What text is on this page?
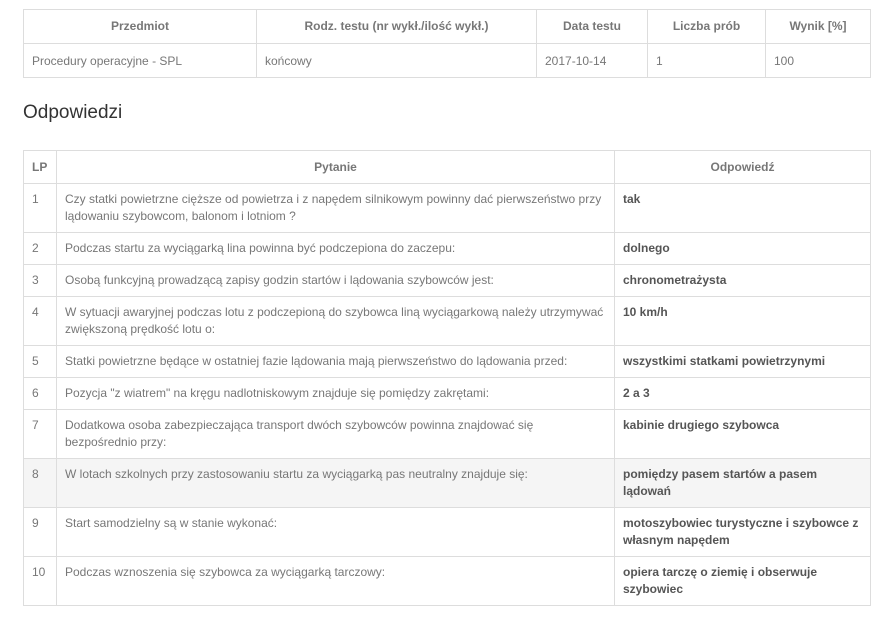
Przedmiot	Rodz. testu (nr wykł./ilość wykł.)	Data testu	Liczba prób	Wynik [%]
Procedury operacyjne - SPL	końcowy	2017-10-14	1	100
Odpowiedzi
LP	Pytanie	Odpowiedź
1	Czy statki powietrzne cięższe od powietrza i z napędem silnikowym powinny dać pierwszeństwo przy lądowaniu szybowcom, balonom i lotniom ?	tak
2	Podczas startu za wyciągarką lina powinna być podczepiona do zaczepu:	dolnego
3	Osobą funkcyjną prowadzącą zapisy godzin startów i lądowania szybowców jest:	chronometrażysta
4	W sytuacji awaryjnej podczas lotu z podczepioną do szybowca liną wyciągarkową należy utrzymywać zwiększoną prędkość lotu o:	10 km/h
5	Statki powietrzne będące w ostatniej fazie lądowania mają pierwszeństwo do lądowania przed:	wszystkimi statkami powietrzynymi
6	Pozycja "z wiatrem" na kręgu nadlotniskowym znajduje się pomiędzy zakrętami:	2 a 3
7	Dodatkowa osoba zabezpieczająca transport dwóch szybowców powinna znajdować się bezpośrednio przy:	kabinie drugiego szybowca
8	W lotach szkolnych przy zastosowaniu startu za wyciągarką pas neutralny znajduje się:	pomiędzy pasem startów a pasem lądowań
9	Start samodzielny są w stanie wykonać:	motoszybowiec turystyczne i szybowce z własnym napędem
10	Podczas wznoszenia się szybowca za wyciągarką tarczowy:	opiera tarczę o ziemię i obserwuje szybowiec
